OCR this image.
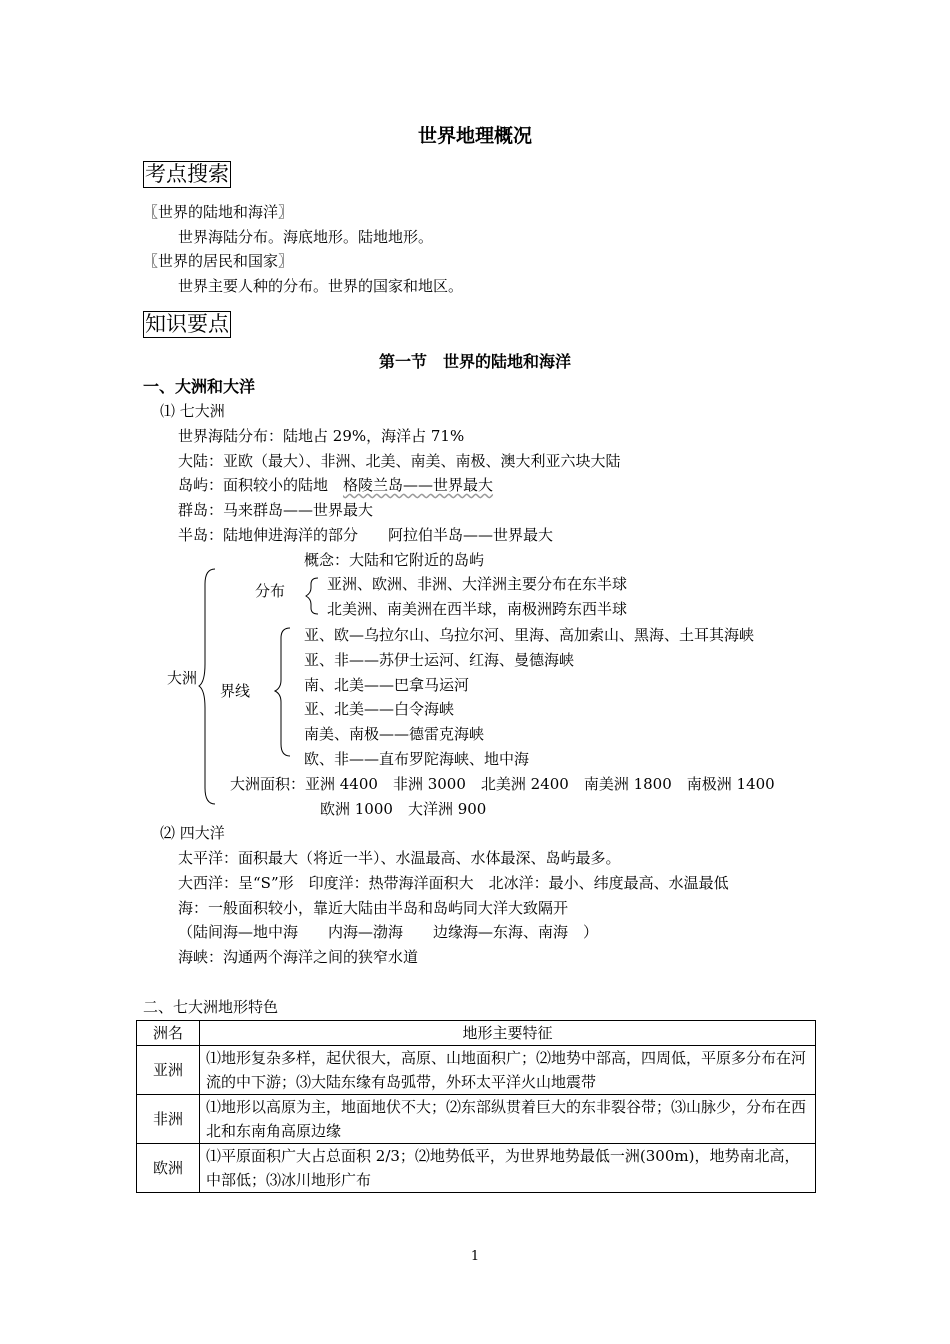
世界地理概况
考点搜索
〖世界的陆地和海洋〗
世界海陆分布。海底地形。陆地地形。
〖世界的居民和国家〗
世界主要人种的分布。世界的国家和地区。
知识要点
第一节　世界的陆地和海洋
一、大洲和大洋
⑴ 七大洲
世界海陆分布：陆地占 29%，海洋占 71%
大陆：亚欧（最大）、非洲、北美、南美、南极、澳大利亚六块大陆
岛屿：面积较小的陆地　格陵兰岛——世界最大
群岛：马来群岛——世界最大
半岛：陆地伸进海洋的部分　　阿拉伯半岛——世界最大
概念：大陆和它附近的岛屿
分布	亚洲、欧洲、非洲、大洋洲主要分布在东半球
北美洲、南美洲在西半球，南极洲跨东西半球
大洲
界线
亚、欧—乌拉尔山、乌拉尔河、里海、高加索山、黑海、土耳其海峡
亚、非——苏伊士运河、红海、曼德海峡
南、北美——巴拿马运河
亚、北美——白令海峡
南美、南极——德雷克海峡
欧、非——直布罗陀海峡、地中海
大洲面积：亚洲 4400　非洲 3000　北美洲 2400　南美洲 1800　南极洲 1400
欧洲 1000　大洋洲 900
⑵ 四大洋
太平洋：面积最大（将近一半）、水温最高、水体最深、岛屿最多。
大西洋：呈“S”形　印度洋：热带海洋面积大　北冰洋：最小、纬度最高、水温最低
海：一般面积较小，靠近大陆由半岛和岛屿同大洋大致隔开
（陆间海—地中海　　内海—渤海　　边缘海—东海、南海　）
海峡：沟通两个海洋之间的狭窄水道
二、七大洲地形特色
洲名	地形主要特征
亚洲	⑴地形复杂多样，起伏很大，高原、山地面积广；⑵地势中部高，四周低，平原多分布在河流的中下游；⑶大陆东缘有岛弧带，外环太平洋火山地震带
非洲	⑴地形以高原为主，地面地伏不大；⑵东部纵贯着巨大的东非裂谷带；⑶山脉少，分布在西北和东南角高原边缘
欧洲	⑴平原面积广大占总面积 2/3；⑵地势低平，为世界地势最低一洲(300m)，地势南北高，中部低；⑶冰川地形广布
1
